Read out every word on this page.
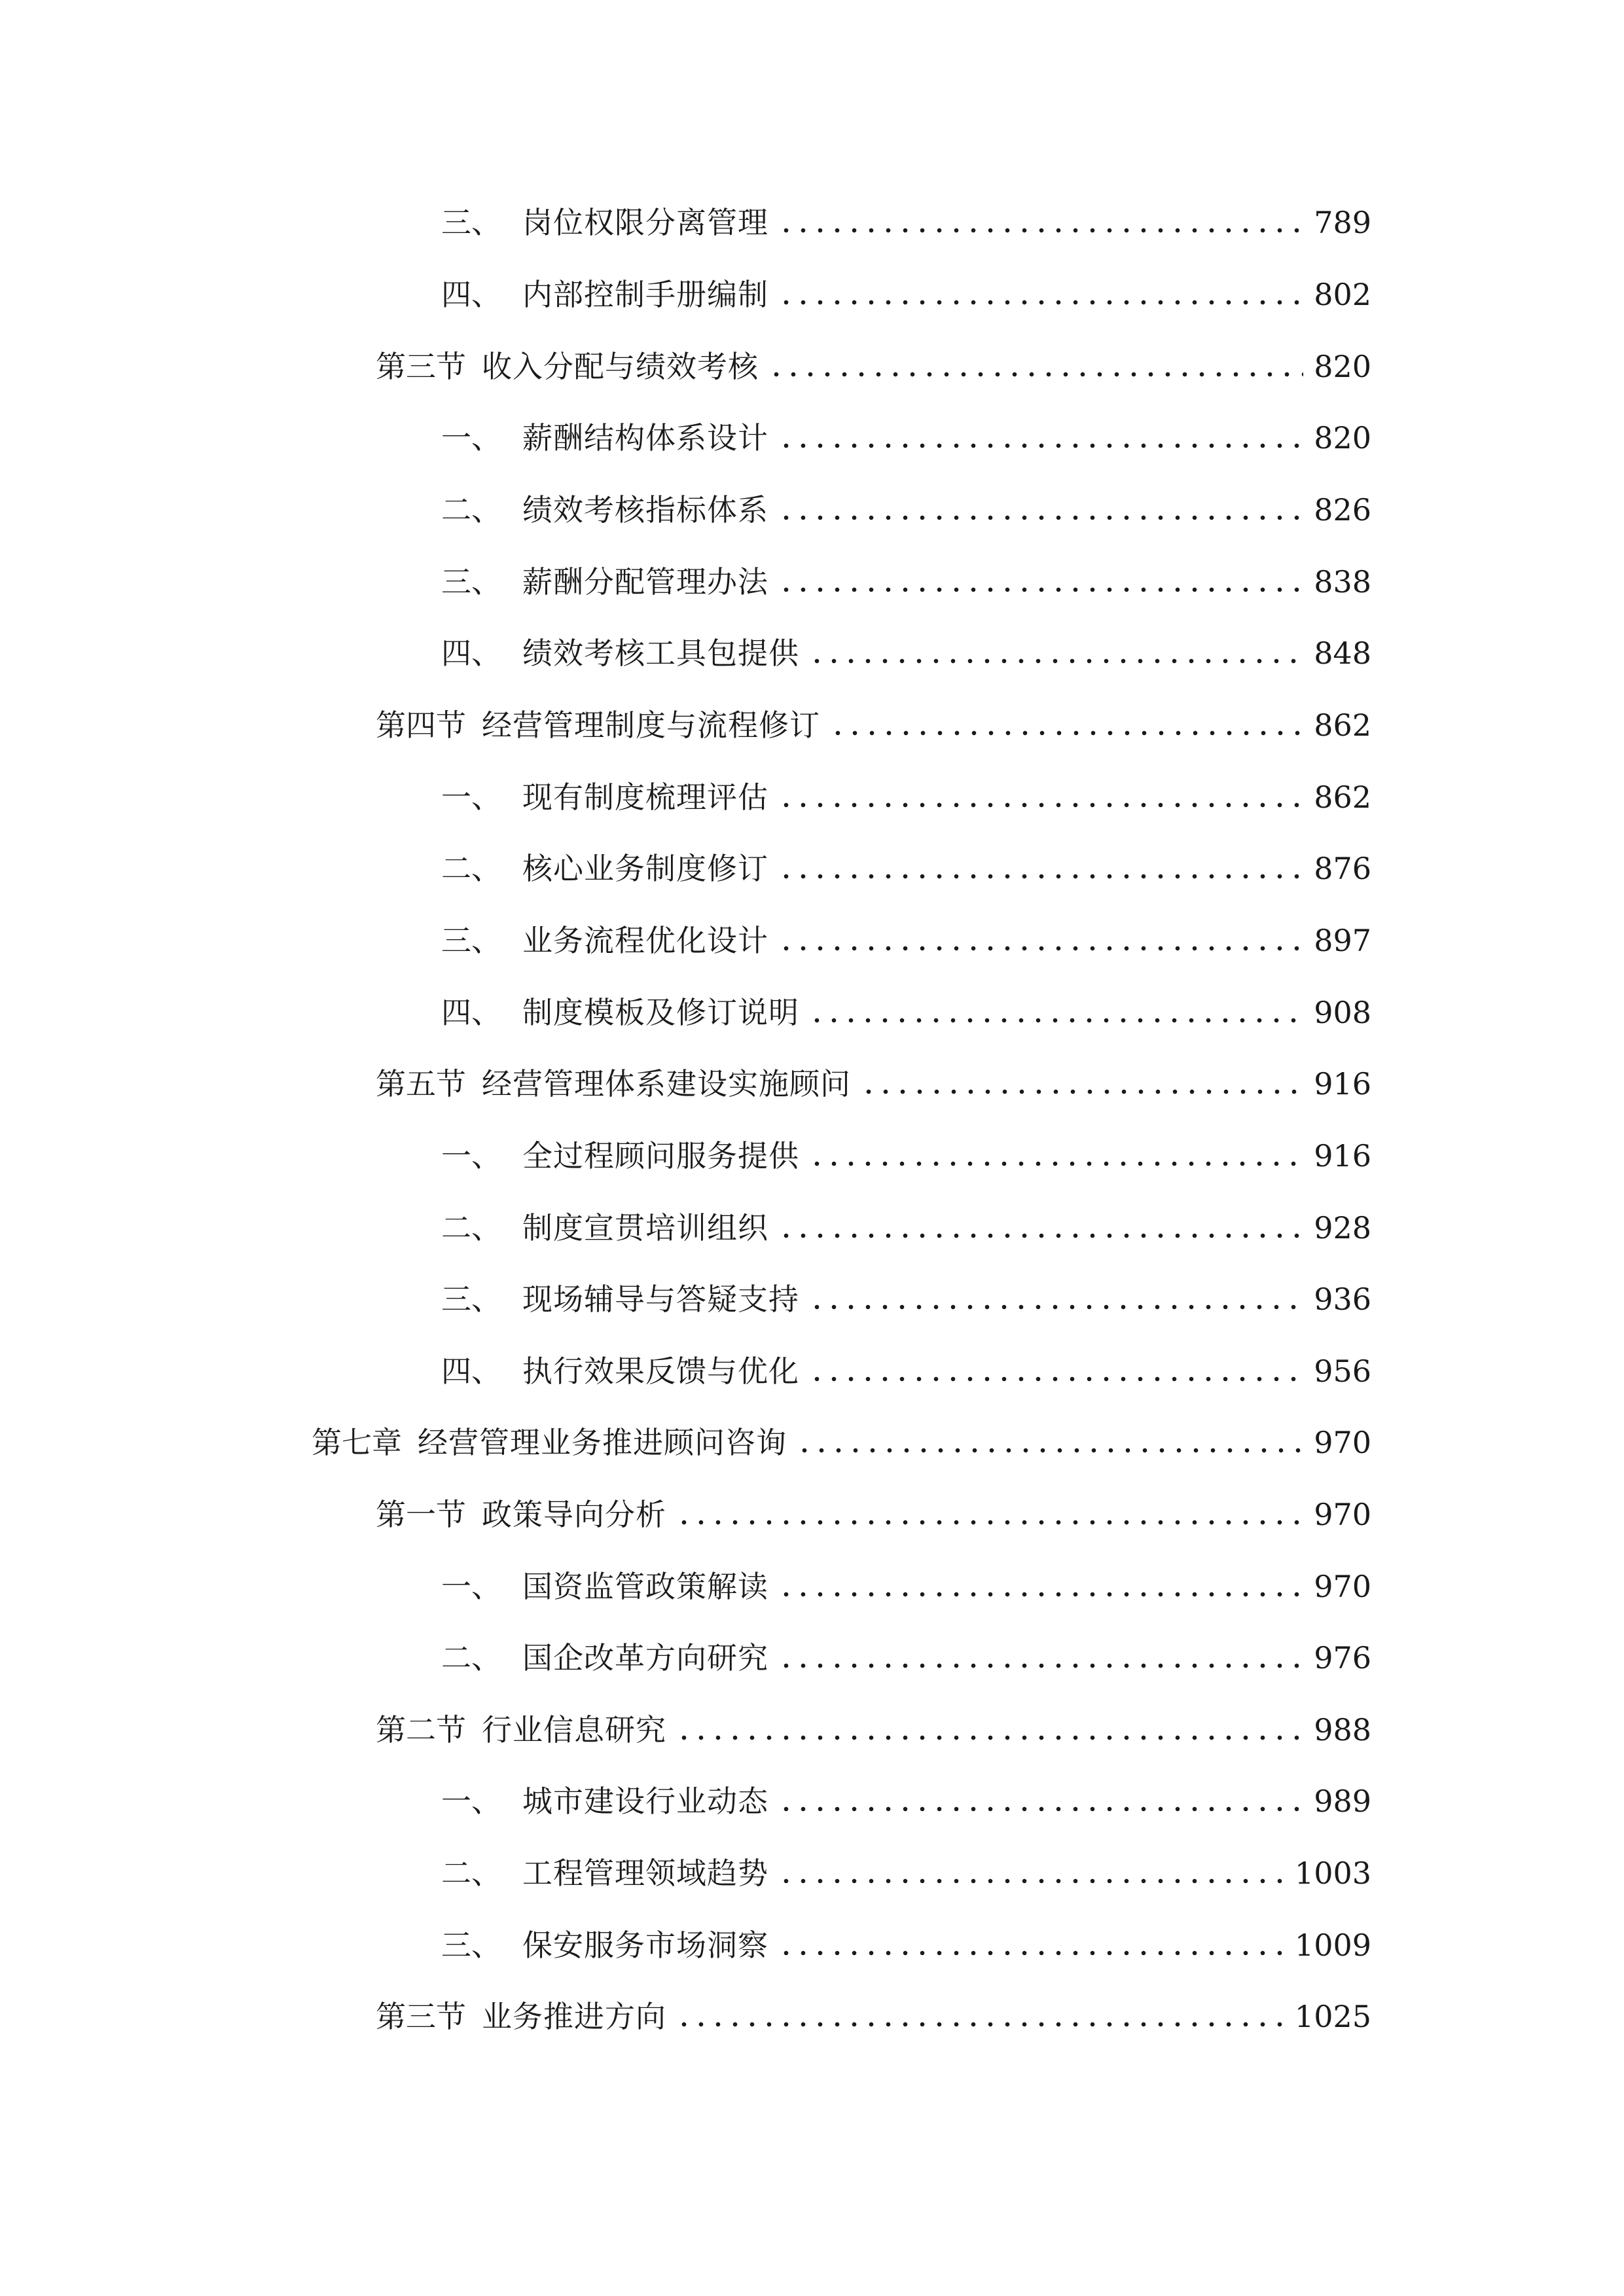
三、 岗位权限分离管理	789
四、 内部控制手册编制	802
第三节 收入分配与绩效考核	820
一、 薪酬结构体系设计	820
二、 绩效考核指标体系	826
三、 薪酬分配管理办法	838
四、 绩效考核工具包提供	848
第四节 经营管理制度与流程修订	862
一、 现有制度梳理评估	862
二、 核心业务制度修订	876
三、 业务流程优化设计	897
四、 制度模板及修订说明	908
第五节 经营管理体系建设实施顾问	916
一、 全过程顾问服务提供	916
二、 制度宣贯培训组织	928
三、 现场辅导与答疑支持	936
四、 执行效果反馈与优化	956
第七章 经营管理业务推进顾问咨询	970
第一节 政策导向分析	970
一、 国资监管政策解读	970
二、 国企改革方向研究	976
第二节 行业信息研究	988
一、 城市建设行业动态	989
二、 工程管理领域趋势	1003
三、 保安服务市场洞察	1009
第三节 业务推进方向	1025
